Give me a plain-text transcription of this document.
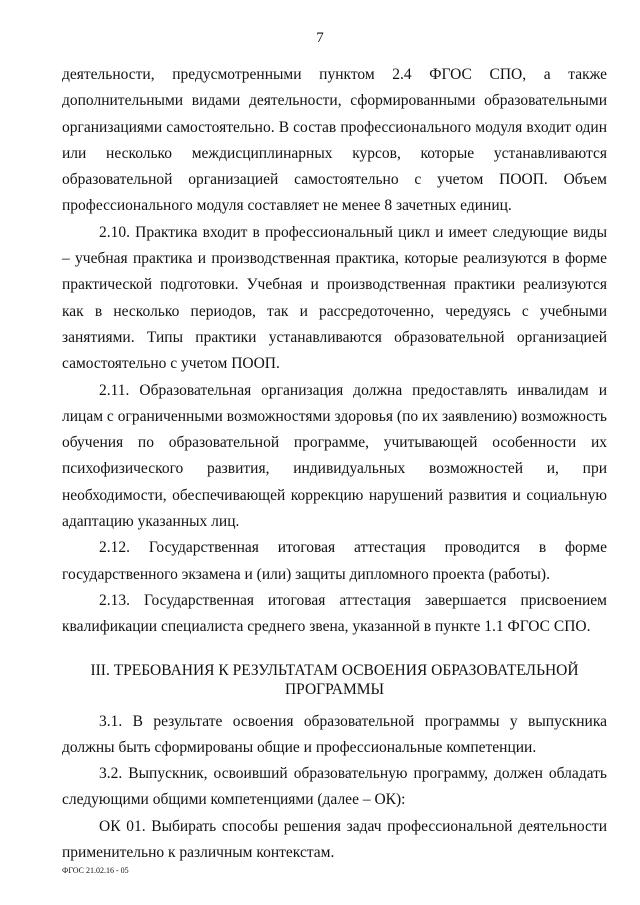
7

деятельности, предусмотренными пунктом 2.4 ФГОС СПО, а также дополнительными видами деятельности, сформированными образовательными организациями самостоятельно. В состав профессионального модуля входит один или несколько междисциплинарных курсов, которые устанавливаются образовательной организацией самостоятельно с учетом ПООП. Объем профессионального модуля составляет не менее 8 зачетных единиц.

2.10. Практика входит в профессиональный цикл и имеет следующие виды – учебная практика и производственная практика, которые реализуются в форме практической подготовки. Учебная и производственная практики реализуются как в несколько периодов, так и рассредоточенно, чередуясь с учебными занятиями. Типы практики устанавливаются образовательной организацией самостоятельно с учетом ПООП.

2.11. Образовательная организация должна предоставлять инвалидам и лицам с ограниченными возможностями здоровья (по их заявлению) возможность обучения по образовательной программе, учитывающей особенности их психофизического развития, индивидуальных возможностей и, при необходимости, обеспечивающей коррекцию нарушений развития и социальную адаптацию указанных лиц.

2.12. Государственная итоговая аттестация проводится в форме государственного экзамена и (или) защиты дипломного проекта (работы).

2.13. Государственная итоговая аттестация завершается присвоением квалификации специалиста среднего звена, указанной в пункте 1.1 ФГОС СПО.

III. ТРЕБОВАНИЯ К РЕЗУЛЬТАТАМ ОСВОЕНИЯ ОБРАЗОВАТЕЛЬНОЙ ПРОГРАММЫ

3.1. В результате освоения образовательной программы у выпускника должны быть сформированы общие и профессиональные компетенции.

3.2. Выпускник, освоивший образовательную программу, должен обладать следующими общими компетенциями (далее – ОК):

ОК 01. Выбирать способы решения задач профессиональной деятельности применительно к различным контекстам.

ФГОС 21.02.16 - 05
